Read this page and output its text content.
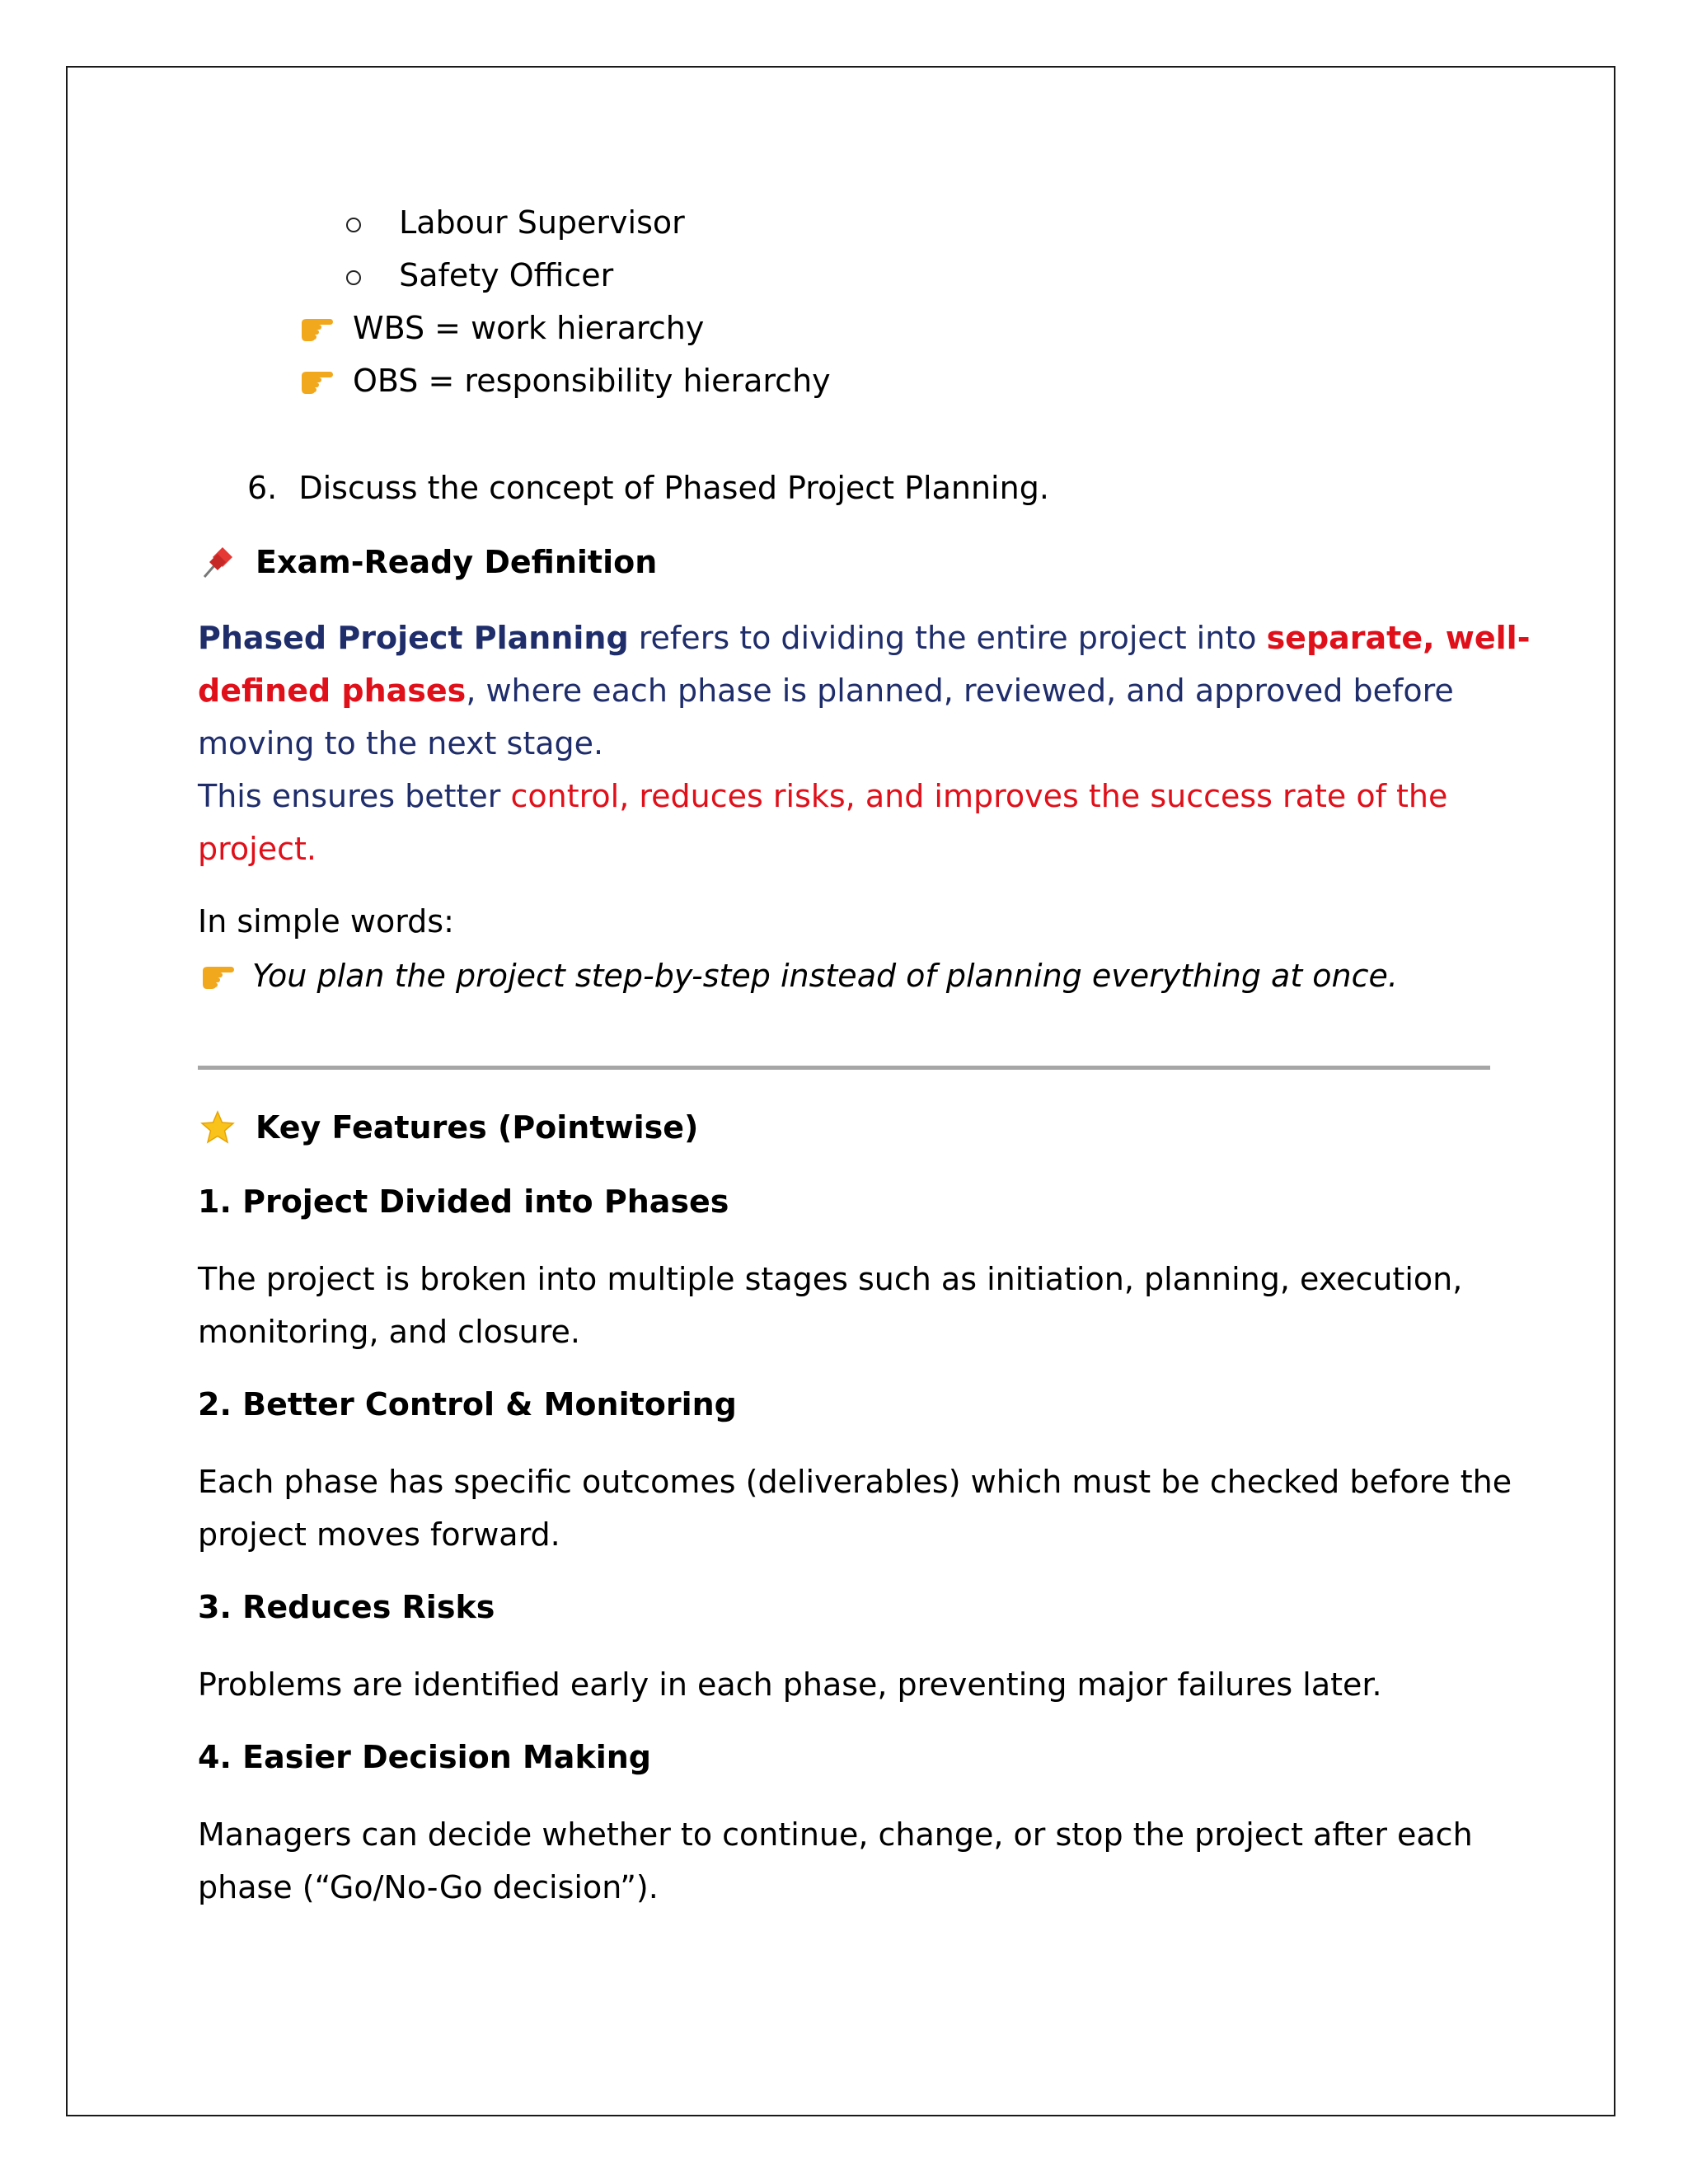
Labour Supervisor
Safety Officer
WBS = work hierarchy
OBS = responsibility hierarchy
6. Discuss the concept of Phased Project Planning.
Exam-Ready Definition
Phased Project Planning refers to dividing the entire project into separate, well-
defined phases, where each phase is planned, reviewed, and approved before
moving to the next stage.
This ensures better control, reduces risks, and improves the success rate of the
project.
In simple words:
You plan the project step-by-step instead of planning everything at once.
Key Features (Pointwise)
1. Project Divided into Phases
The project is broken into multiple stages such as initiation, planning, execution,
monitoring, and closure.
2. Better Control & Monitoring
Each phase has specific outcomes (deliverables) which must be checked before the
project moves forward.
3. Reduces Risks
Problems are identified early in each phase, preventing major failures later.
4. Easier Decision Making
Managers can decide whether to continue, change, or stop the project after each
phase (“Go/No-Go decision”).
